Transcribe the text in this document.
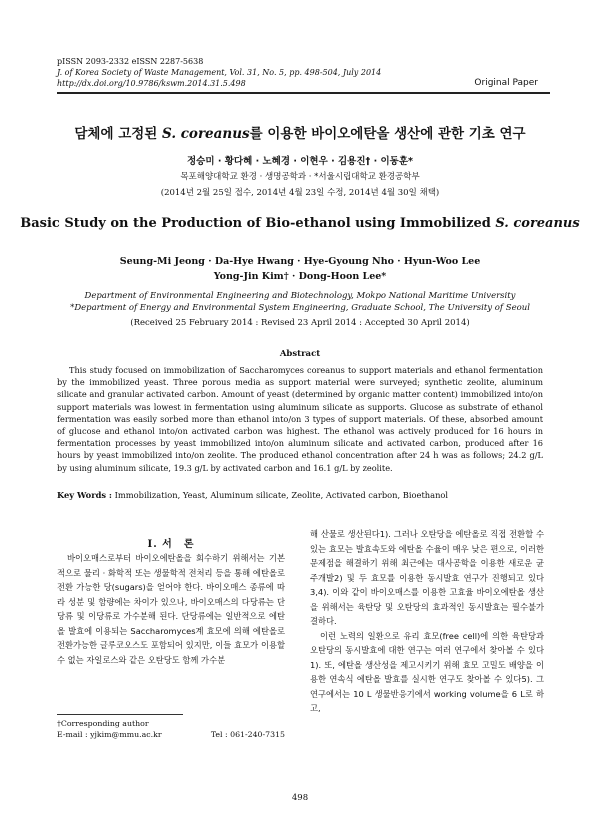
pISSN 2093-2332 eISSN 2287-5638
J. of Korea Society of Waste Management, Vol. 31, No. 5, pp. 498-504, July 2014
http://dx.doi.org/10.9786/kswm.2014.31.5.498	Original Paper
담체에 고정된 S. coreanus를 이용한 바이오에탄올 생산에 관한 기초 연구
정승미 · 황다혜 · 노혜경 · 이현우 · 김용진† · 이동훈*
목포해양대학교 환경 · 생명공학과 · *서울시립대학교 환경공학부
(2014년 2월 25일 접수, 2014년 4월 23일 수정, 2014년 4월 30일 채택)
Basic Study on the Production of Bio-ethanol using Immobilized S. coreanus
Seung-Mi Jeong · Da-Hye Hwang · Hye-Gyoung Nho · Hyun-Woo Lee
Yong-Jin Kim† · Dong-Hoon Lee*
Department of Environmental Engineering and Biotechnology, Mokpo National Maritime University
*Department of Energy and Environmental System Engineering, Graduate School, The University of Seoul
(Received 25 February 2014 : Revised 23 April 2014 : Accepted 30 April 2014)
Abstract
This study focused on immobilization of Saccharomyces coreanus to support materials and ethanol fermentation by the immobilized yeast. Three porous media as support material were surveyed; synthetic zeolite, aluminum silicate and granular activated carbon. Amount of yeast (determined by organic matter content) immobilized into/on support materials was lowest in fermentation using aluminum silicate as supports. Glucose as substrate of ethanol fermentation was easily sorbed more than ethanol into/on 3 types of support materials. Of these, absorbed amount of glucose and ethanol into/on activated carbon was highest. The ethanol was actively produced for 16 hours in fermentation processes by yeast immobilized into/on aluminum silicate and activated carbon, produced after 16 hours by yeast immobilized into/on zeolite. The produced ethanol concentration after 24 h was as follows; 24.2 g/L by using aluminum silicate, 19.3 g/L by activated carbon and 16.1 g/L by zeolite.
Key Words : Immobilization, Yeast, Aluminum silicate, Zeolite, Activated carbon, Bioethanol
I. 서　론
바이오매스로부터 바이오에탄올을 회수하기 위해서는 기본적으로 물리 · 화학적 또는 생물학적 전처리 등을 통해 에탄올로 전환 가능한 당(sugars)을 얻어야 한다. 바이오매스 종류에 따라 성분 및 함량에는 차이가 있으나, 바이오매스의 다당류는 단당류 및 이당류로 가수분해 된다. 단당류에는 일반적으로 에탄올 발효에 이용되는 Saccharomyces계 효모에 의해 에탄올로 전환가능한 글루코오스도 포함되어 있지만, 이들 효모가 이용할 수 없는 자일로스와 같은 오탄당도 함께 가수분

해 산물로 생산된다1). 그러나 오탄당을 에탄올로 직접 전환할 수 있는 효모는 발효속도와 에탄올 수율이 매우 낮은 편으로, 이러한 문제점을 해결하기 위해 최근에는 대사공학을 이용한 새로운 균주개발2) 및 두 효모를 이용한 동시발효 연구가 진행되고 있다3,4). 이와 같이 바이오매스를 이용한 고효율 바이오에탄올 생산을 위해서는 육탄당 및 오탄당의 효과적인 동시발효는 필수불가결하다.

이런 노력의 일환으로 유리 효모(free cell)에 의한 육탄당과 오탄당의 동시발효에 대한 연구는 여러 연구에서 찾아볼 수 있다1). 또, 에탄올 생산성을 제고시키기 위해 효모 고밀도 배양을 이용한 연속식 에탄올 발효를 실시한 연구도 찾아볼 수 있다5). 그 연구에서는 10 L 생물반응기에서 working volume을 6 L로 하고,

†Corresponding author
E-mail : yjkim@mmu.ac.kr	Tel : 061-240-7315
498
